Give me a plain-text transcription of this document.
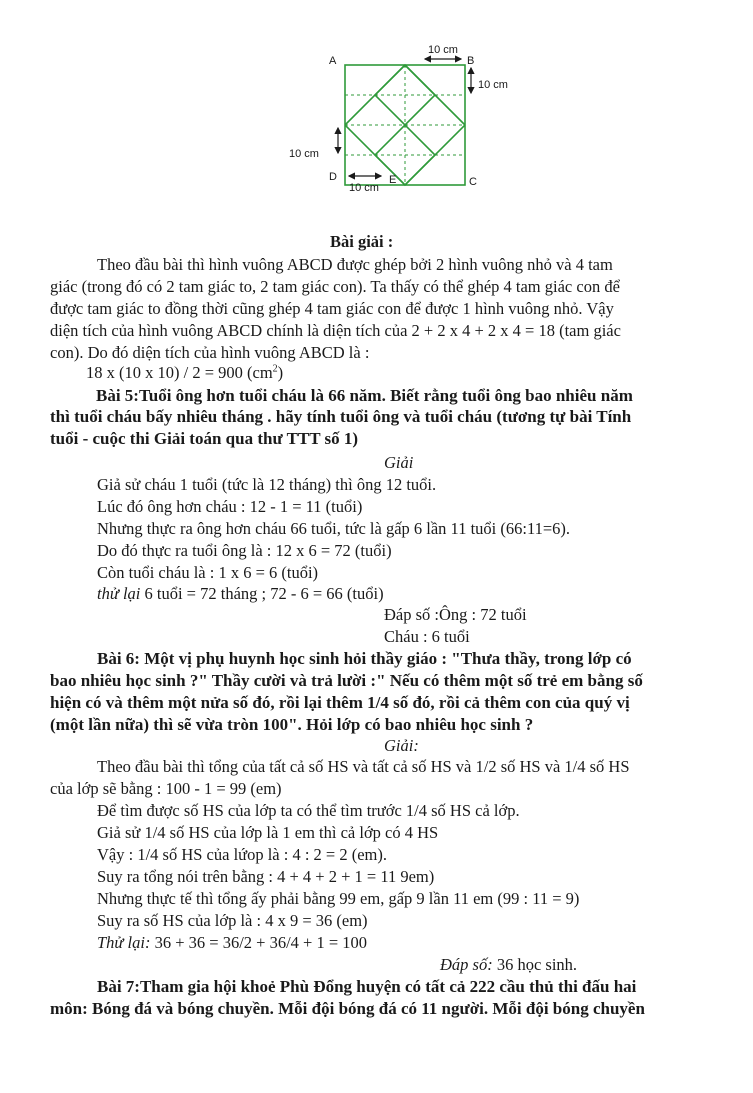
A	B
C
D	E
10 cm
10 cm
10 cm
10 cm
Bài giải :
Theo đầu bài thì hình vuông ABCD được ghép bởi 2 hình vuông nhỏ và 4 tam
giác (trong đó có 2 tam giác to, 2 tam giác con). Ta thấy có thể ghép 4 tam giác con để
được tam giác to đồng thời cũng ghép 4 tam giác con để được 1 hình vuông nhỏ. Vậy
diện tích của hình vuông ABCD chính là diện tích của 2 + 2 x 4 + 2 x 4 = 18 (tam giác
con). Do đó diện tích của hình vuông ABCD là :
18 x (10 x 10) / 2 = 900 $(cm^2)$
Bài 5:Tuổi ông hơn tuổi cháu là 66 năm. Biết rằng tuổi ông bao nhiêu năm
thì tuổi cháu bấy nhiêu tháng . hãy tính tuổi ông và tuổi cháu (tương tự bài Tính
tuổi - cuộc thi Giải toán qua thư TTT số 1)
Giải
Giả sử cháu 1 tuổi (tức là 12 tháng) thì ông 12 tuổi.
Lúc đó ông hơn cháu : 12 - 1 = 11 (tuổi)
Nhưng thực ra ông hơn cháu 66 tuổi, tức là gấp 6 lần 11 tuổi (66:11=6).
Do đó thực ra tuổi ông là : 12 x 6 = 72 (tuổi)
Còn tuổi cháu là : 1 x 6 = 6 (tuổi)
thử lại 6 tuổi = 72 tháng ; 72 - 6 = 66 (tuổi)
Đáp số :Ông : 72 tuổi
Cháu : 6 tuổi
Bài 6: Một vị phụ huynh học sinh hỏi thầy giáo : "Thưa thầy, trong lớp có
bao nhiêu học sinh ?" Thầy cười và trả lười :" Nếu có thêm một số trẻ em bằng số
hiện có và thêm một nửa số đó, rồi lại thêm 1/4 số đó, rồi cả thêm con của quý vị
(một lần nữa) thì sẽ vừa tròn 100". Hỏi lớp có bao nhiêu học sinh ?
Giải:
Theo đầu bài thì tổng của tất cả số HS và tất cả số HS và 1/2 số HS và 1/4 số HS
của lớp sẽ bằng : 100 - 1 = 99 (em)
Để tìm được số HS của lớp ta có thể tìm trước 1/4 số HS cả lớp.
Giả sử 1/4 số HS của lớp là 1 em thì cả lớp có 4 HS
Vậy : 1/4 số HS của lứop là : 4 : 2 = 2 (em).
Suy ra tổng nói trên bằng : 4 + 4 + 2 + 1 = 11 9em)
Nhưng thực tế thì tổng ấy phải bằng 99 em, gấp 9 lần 11 em (99 : 11 = 9)
Suy ra số HS của lớp là : 4 x 9 = 36 (em)
Thử lại: 36 + 36 = 36/2 + 36/4 + 1 = 100
Đáp số: 36 học sinh.
Bài 7:Tham gia hội khoẻ Phù Đổng huyện có tất cả 222 cầu thủ thi đấu hai
môn: Bóng đá và bóng chuyền. Mỗi đội bóng đá có 11 người. Mỗi đội bóng chuyền
